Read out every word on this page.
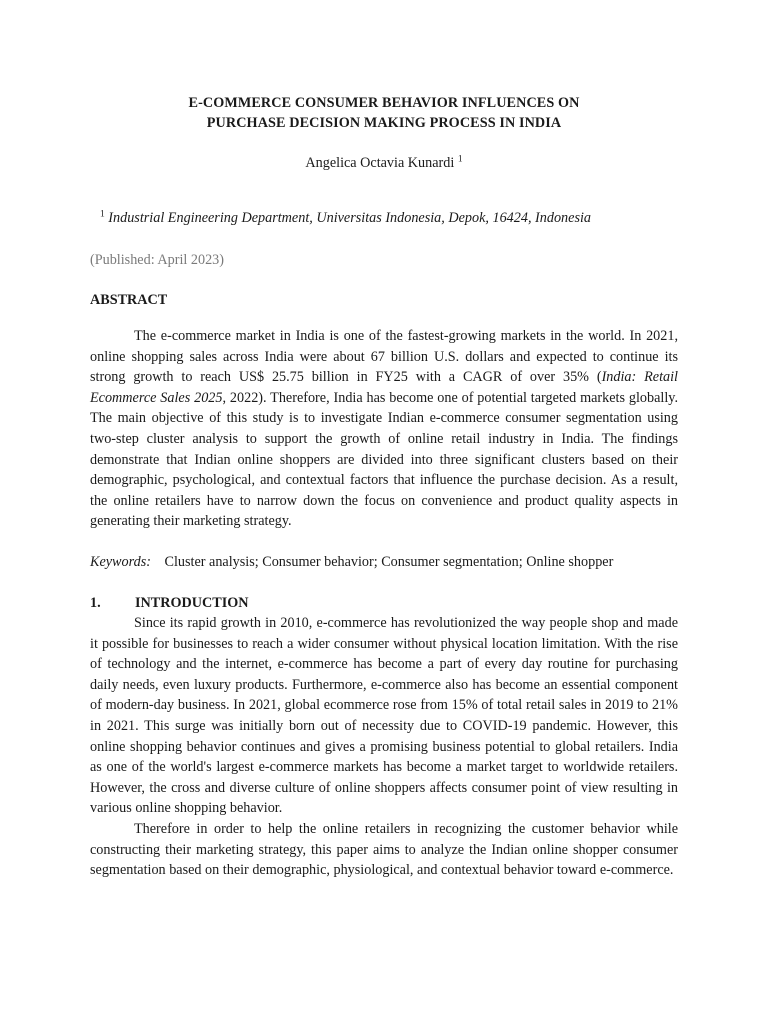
E-COMMERCE CONSUMER BEHAVIOR INFLUENCES ON
PURCHASE DECISION MAKING PROCESS IN INDIA
Angelica Octavia Kunardi $^1$
$^1$ Industrial Engineering Department, Universitas Indonesia, Depok, 16424, Indonesia
(Published: April 2023)
ABSTRACT
The e-commerce market in India is one of the fastest-growing markets in the world. In 2021, online shopping sales across India were about 67 billion U.S. dollars and expected to continue its strong growth to reach US$ 25.75 billion in FY25 with a CAGR of over 35% (India: Retail Ecommerce Sales 2025, 2022). Therefore, India has become one of potential targeted markets globally. The main objective of this study is to investigate Indian e-commerce consumer segmentation using two-step cluster analysis to support the growth of online retail industry in India. The findings demonstrate that Indian online shoppers are divided into three significant clusters based on their demographic, psychological, and contextual factors that influence the purchase decision. As a result, the online retailers have to narrow down the focus on convenience and product quality aspects in generating their marketing strategy.
Keywords: Cluster analysis; Consumer behavior; Consumer segmentation; Online shopper
1. INTRODUCTION
Since its rapid growth in 2010, e-commerce has revolutionized the way people shop and made it possible for businesses to reach a wider consumer without physical location limitation. With the rise of technology and the internet, e-commerce has become a part of every day routine for purchasing daily needs, even luxury products. Furthermore, e-commerce also has become an essential component of modern-day business. In 2021, global ecommerce rose from 15% of total retail sales in 2019 to 21% in 2021. This surge was initially born out of necessity due to COVID-19 pandemic. However, this online shopping behavior continues and gives a promising business potential to global retailers. India as one of the world's largest e-commerce markets has become a market target to worldwide retailers. However, the cross and diverse culture of online shoppers affects consumer point of view resulting in various online shopping behavior.
Therefore in order to help the online retailers in recognizing the customer behavior while constructing their marketing strategy, this paper aims to analyze the Indian online shopper consumer segmentation based on their demographic, physiological, and contextual behavior toward e-commerce.
